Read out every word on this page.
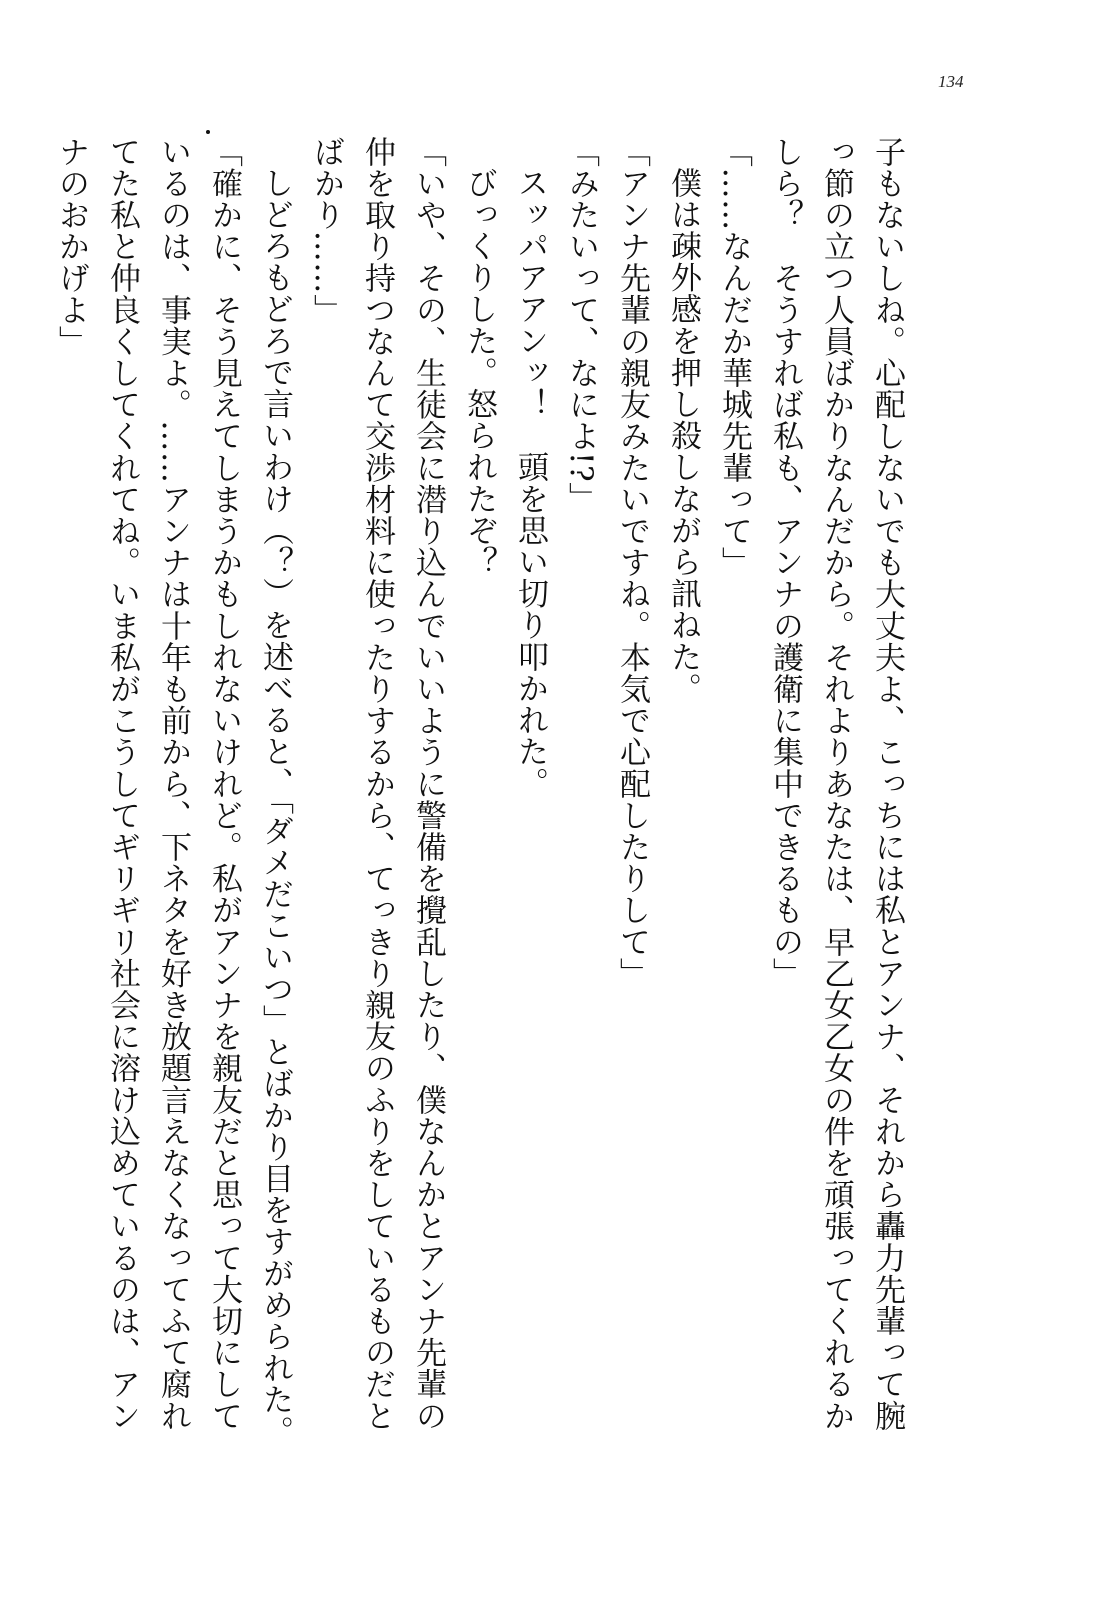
134

子もないしね。心配しないでも大丈夫よ、こっちには私とアンナ、それから轟力先輩って腕っ節の立つ人員ばかりなんだから。それよりあなたは、早乙女乙女の件を頑張ってくれるかしら？　そうすれば私も、アンナの護衛に集中できるもの」

「……なんだか華城先輩って」

僕は疎外感を押し殺しながら訊ねた。

「アンナ先輩の親友みたいですね。本気で心配したりして」

「みたいって、なによ!?」

スッパアアンッ！　頭を思い切り叩かれた。

びっくりした。怒られたぞ？

「いや、その、生徒会に潜り込んでいいように警備を攪乱したり、僕なんかとアンナ先輩の仲を取り持つなんて交渉材料に使ったりするから、てっきり親友のふりをしているものだとばかり……」

しどろもどろで言いわけ（？）を述べると、「ダメだこいつ」とばかり目をすがめられた。

「確かに、そう見えてしまうかもしれないけれど。私がアンナを親友だと思って大切にしているのは、事実よ。……アンナは十年も前から、下ネタを好き放題言えなくなってふて腐れてた私と仲良くしてくれてね。いま私がこうしてギリギリ社会に溶け込めているのは、アンナのおかげよ」
